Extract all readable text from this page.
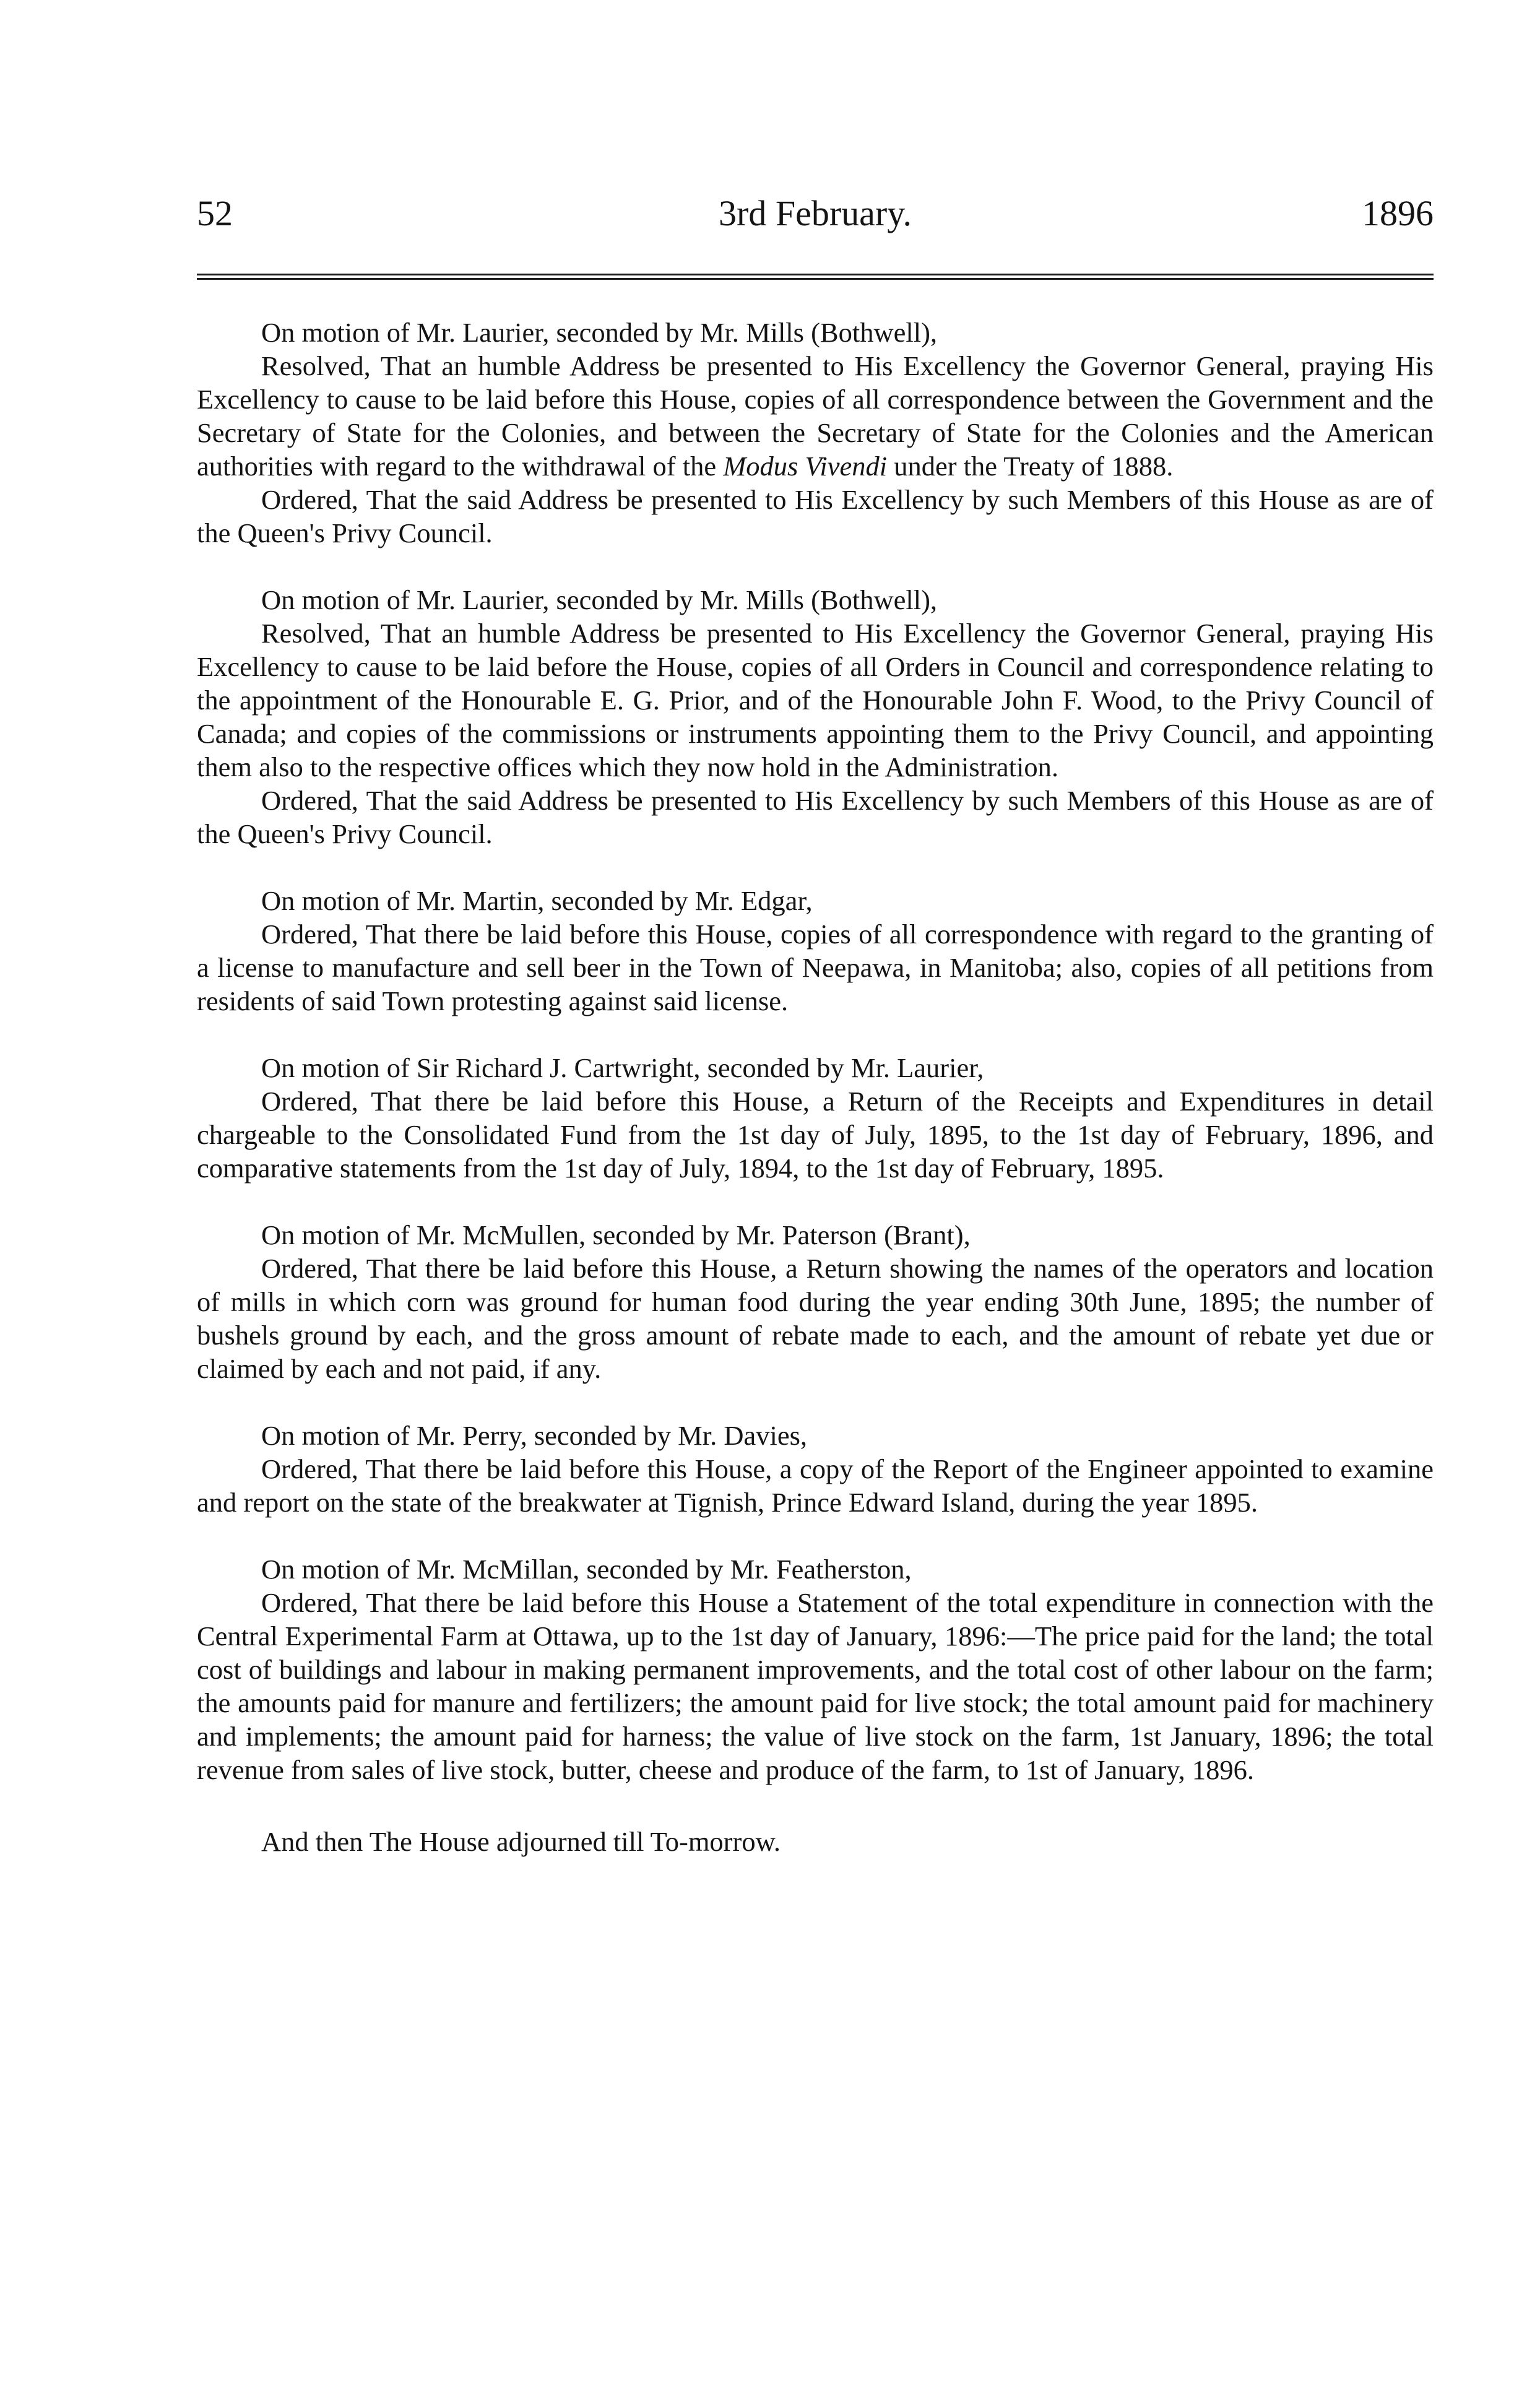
52	3rd February.	1896

On motion of Mr. Laurier, seconded by Mr. Mills (Bothwell),

Resolved, That an humble Address be presented to His Excellency the Governor General, praying His Excellency to cause to be laid before this House, copies of all correspondence between the Government and the Secretary of State for the Colonies, and between the Secretary of State for the Colonies and the American authorities with regard to the withdrawal of the Modus Vivendi under the Treaty of 1888.

Ordered, That the said Address be presented to His Excellency by such Members of this House as are of the Queen's Privy Council.

On motion of Mr. Laurier, seconded by Mr. Mills (Bothwell),

Resolved, That an humble Address be presented to His Excellency the Governor General, praying His Excellency to cause to be laid before the House, copies of all Orders in Council and correspondence relating to the appointment of the Honourable E. G. Prior, and of the Honourable John F. Wood, to the Privy Council of Canada; and copies of the commissions or instruments appointing them to the Privy Council, and appointing them also to the respective offices which they now hold in the Administration.

Ordered, That the said Address be presented to His Excellency by such Members of this House as are of the Queen's Privy Council.

On motion of Mr. Martin, seconded by Mr. Edgar,

Ordered, That there be laid before this House, copies of all correspondence with regard to the granting of a license to manufacture and sell beer in the Town of Neepawa, in Manitoba; also, copies of all petitions from residents of said Town protesting against said license.

On motion of Sir Richard J. Cartwright, seconded by Mr. Laurier,

Ordered, That there be laid before this House, a Return of the Receipts and Expenditures in detail chargeable to the Consolidated Fund from the 1st day of July, 1895, to the 1st day of February, 1896, and comparative statements from the 1st day of July, 1894, to the 1st day of February, 1895.

On motion of Mr. McMullen, seconded by Mr. Paterson (Brant),

Ordered, That there be laid before this House, a Return showing the names of the operators and location of mills in which corn was ground for human food during the year ending 30th June, 1895; the number of bushels ground by each, and the gross amount of rebate made to each, and the amount of rebate yet due or claimed by each and not paid, if any.

On motion of Mr. Perry, seconded by Mr. Davies,

Ordered, That there be laid before this House, a copy of the Report of the Engineer appointed to examine and report on the state of the breakwater at Tignish, Prince Edward Island, during the year 1895.

On motion of Mr. McMillan, seconded by Mr. Featherston,

Ordered, That there be laid before this House a Statement of the total expenditure in connection with the Central Experimental Farm at Ottawa, up to the 1st day of January, 1896:—The price paid for the land; the total cost of buildings and labour in making permanent improvements, and the total cost of other labour on the farm; the amounts paid for manure and fertilizers; the amount paid for live stock; the total amount paid for machinery and implements; the amount paid for harness; the value of live stock on the farm, 1st January, 1896; the total revenue from sales of live stock, butter, cheese and produce of the farm, to 1st of January, 1896.

And then The House adjourned till To-morrow.
